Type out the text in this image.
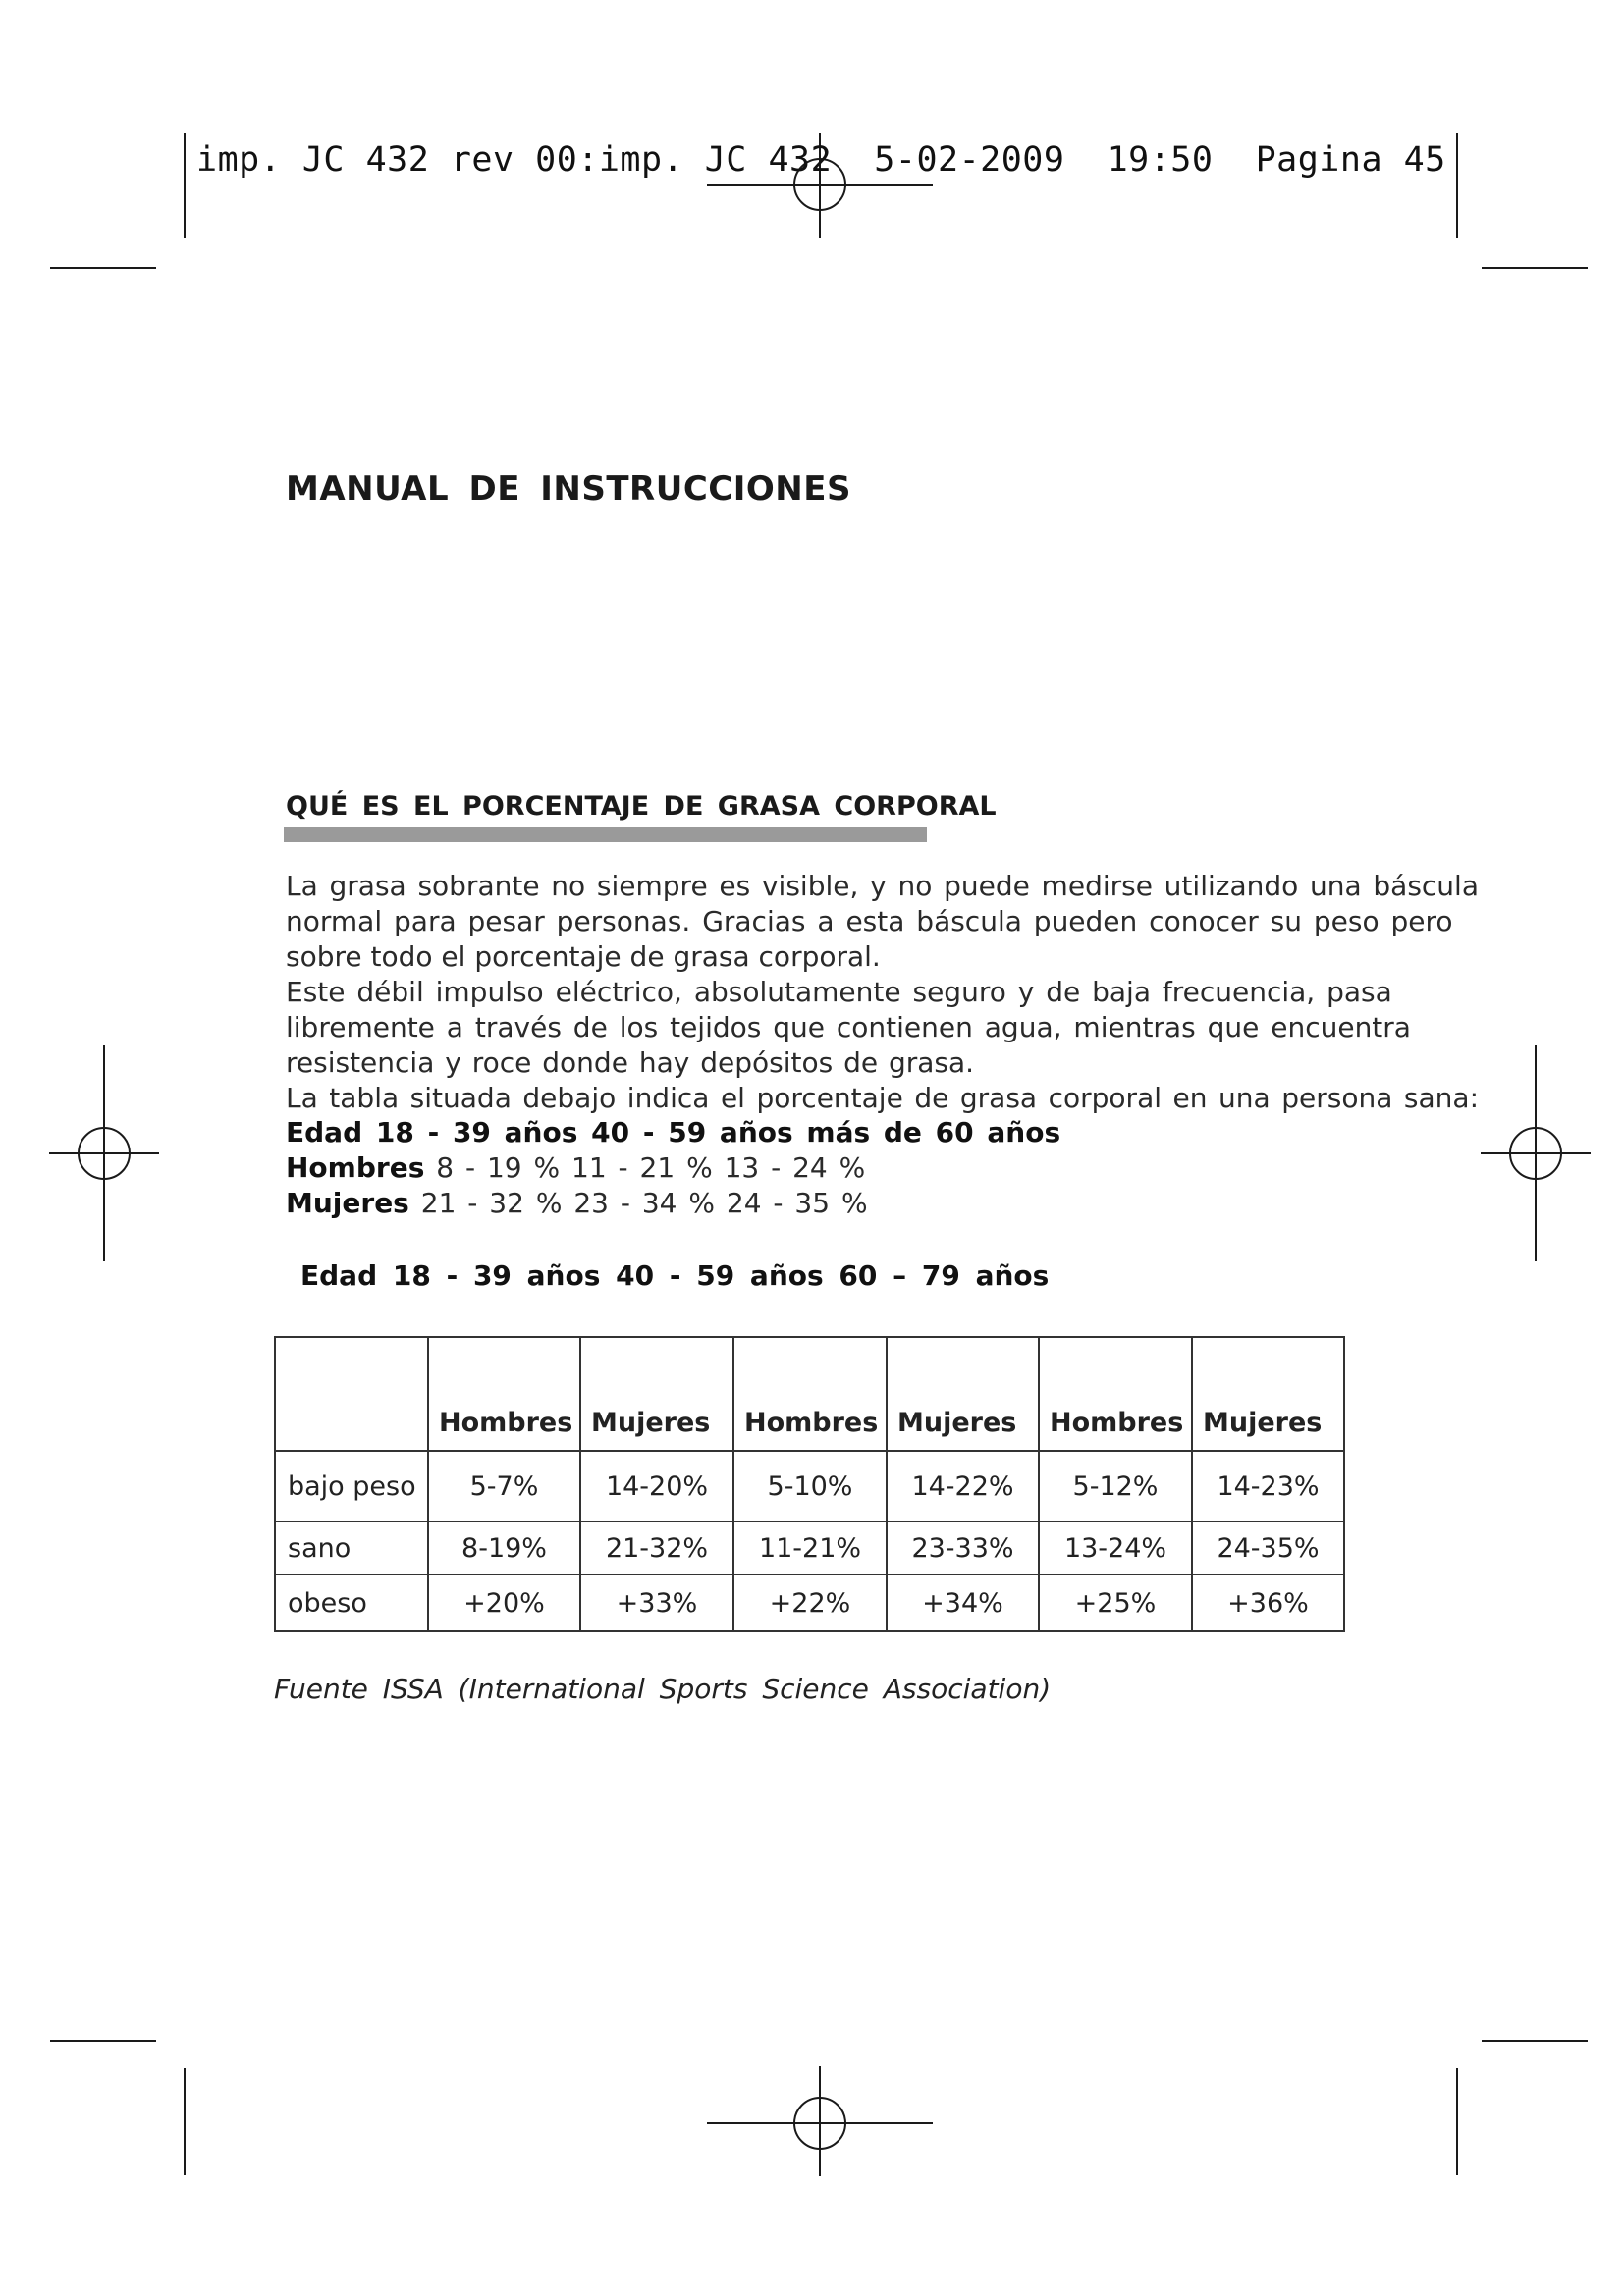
imp. JC 432 rev 00:imp. JC 432  5-02-2009  19:50  Pagina 45
MANUAL DE INSTRUCCIONES
QUÉ ES EL PORCENTAJE DE GRASA CORPORAL
La grasa sobrante no siempre es visible, y no puede medirse utilizando una báscula
normal para pesar personas. Gracias a esta báscula pueden conocer su peso pero
sobre todo el porcentaje de grasa corporal.
Este débil impulso eléctrico, absolutamente seguro y de baja frecuencia, pasa
libremente a través de los tejidos que contienen agua, mientras que encuentra
resistencia y roce donde hay depósitos de grasa.
La tabla situada debajo indica el porcentaje de grasa corporal en una persona sana:
Edad 18 - 39 años 40 - 59 años más de 60 años
Hombres 8 - 19 % 11 - 21 % 13 - 24 %
Mujeres 21 - 32 % 23 - 34 % 24 - 35 %
Edad 18 - 39 años 40 - 59 años 60 – 79 años
	Hombres	Mujeres	Hombres	Mujeres	Hombres	Mujeres
bajo peso	5-7%	14-20%	5-10%	14-22%	5-12%	14-23%
sano	8-19%	21-32%	11-21%	23-33%	13-24%	24-35%
obeso	+20%	+33%	+22%	+34%	+25%	+36%
Fuente ISSA (International Sports Science Association)
